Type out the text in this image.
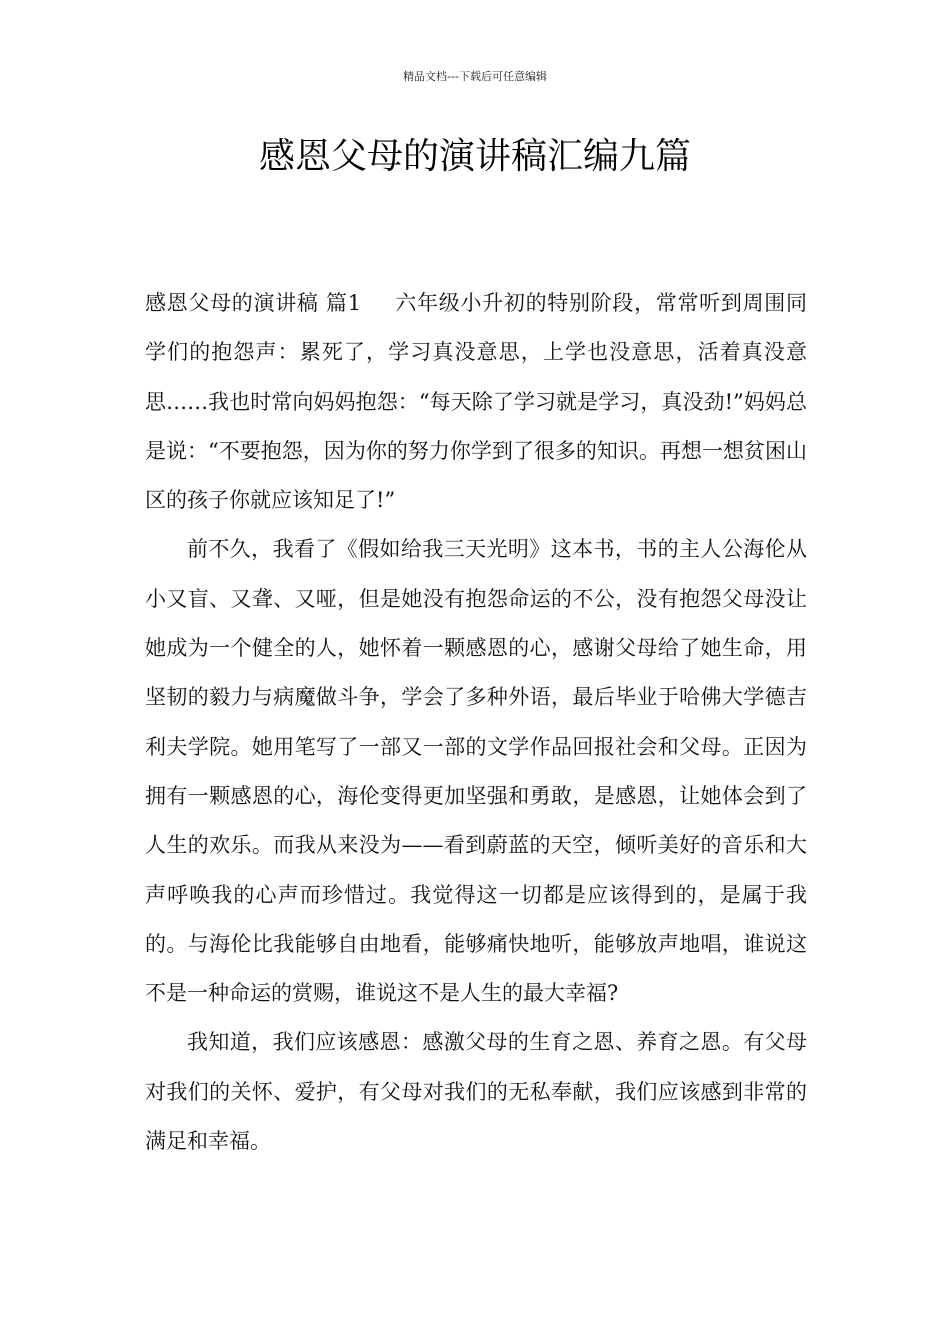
精品文档---下载后可任意编辑
感恩父母的演讲稿汇编九篇

感恩父母的演讲稿 篇1 六年级小升初的特别阶段，常常听到周围同学们的抱怨声：累死了，学习真没意思，上学也没意思，活着真没意思……我也时常向妈妈抱怨：“每天除了学习就是学习，真没劲!”妈妈总是说：“不要抱怨，因为你的努力你学到了很多的知识。再想一想贫困山区的孩子你就应该知足了!”

前不久，我看了《假如给我三天光明》这本书，书的主人公海伦从小又盲、又聋、又哑，但是她没有抱怨命运的不公，没有抱怨父母没让她成为一个健全的人，她怀着一颗感恩的心，感谢父母给了她生命，用坚韧的毅力与病魔做斗争，学会了多种外语，最后毕业于哈佛大学德吉利夫学院。她用笔写了一部又一部的文学作品回报社会和父母。正因为拥有一颗感恩的心，海伦变得更加坚强和勇敢，是感恩，让她体会到了人生的欢乐。而我从来没为——看到蔚蓝的天空，倾听美好的音乐和大声呼唤我的心声而珍惜过。我觉得这一切都是应该得到的，是属于我的。与海伦比我能够自由地看，能够痛快地听，能够放声地唱，谁说这不是一种命运的赏赐，谁说这不是人生的最大幸福?

我知道，我们应该感恩：感激父母的生育之恩、养育之恩。有父母对我们的关怀、爱护，有父母对我们的无私奉献，我们应该感到非常的满足和幸福。
